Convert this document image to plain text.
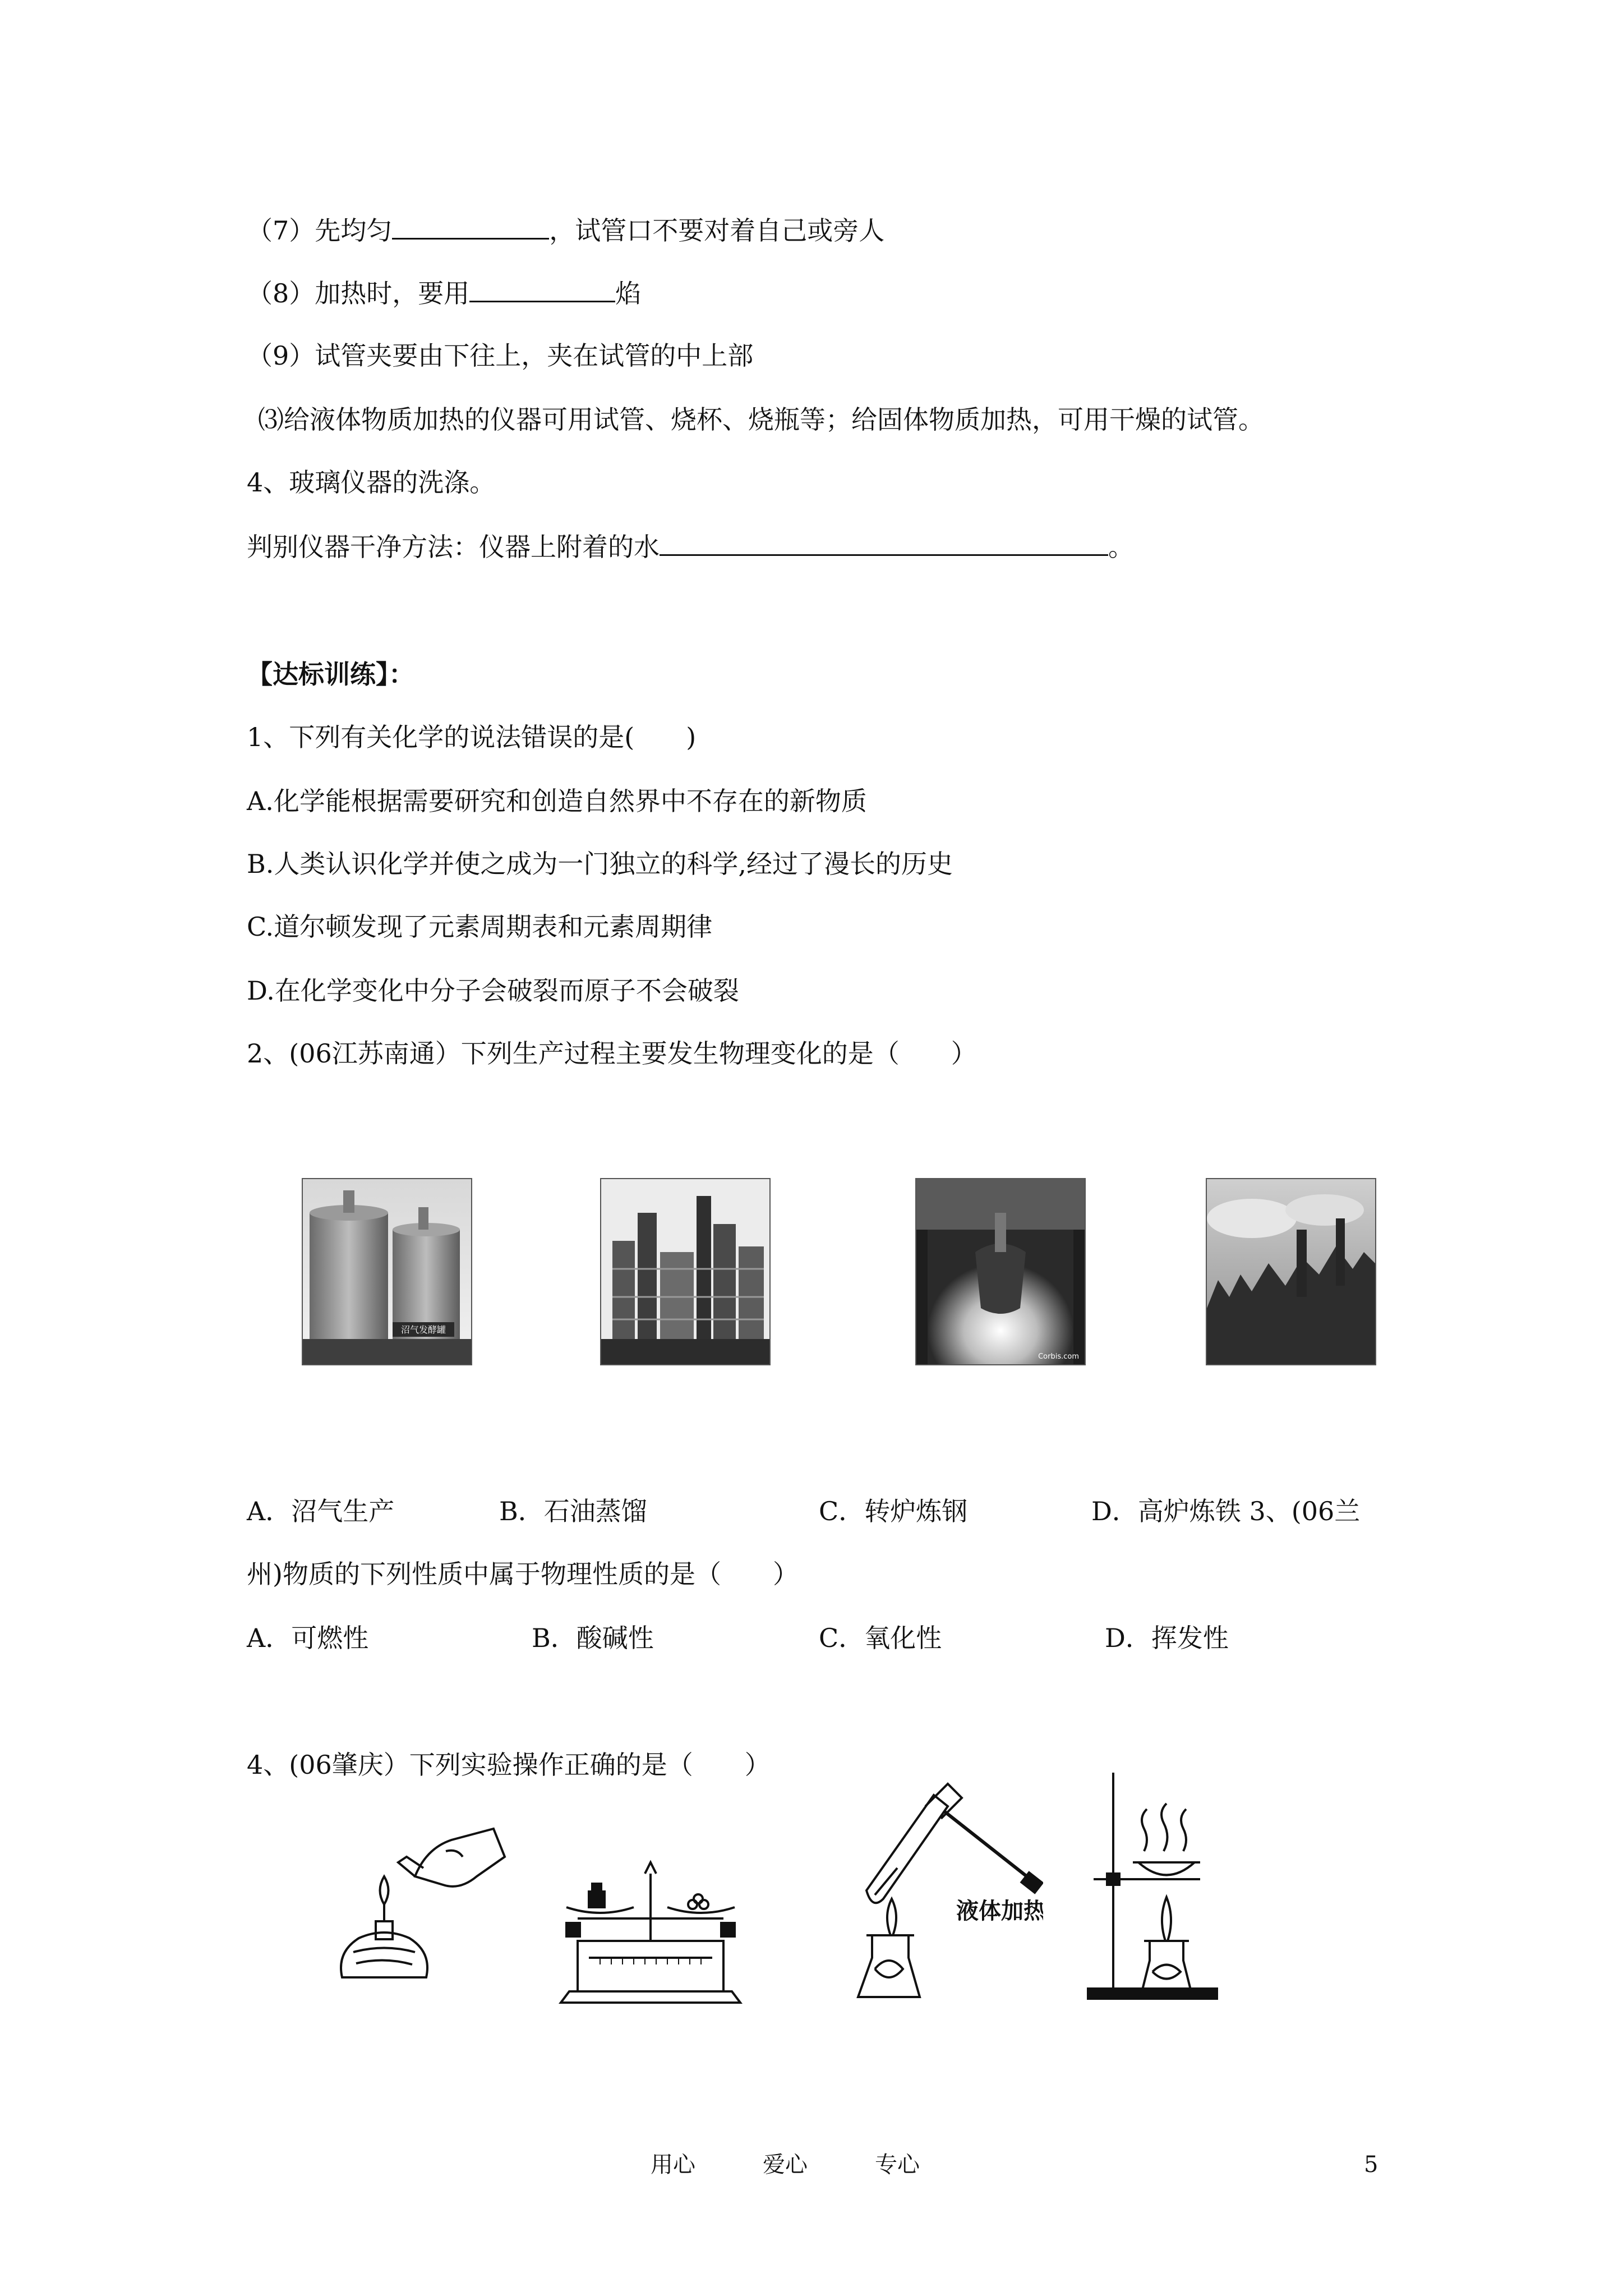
（7）先均匀	，试管口不要对着自己或旁人
（8）加热时，要用	焰
（9）试管夹要由下往上，夹在试管的中上部
⑶给液体物质加热的仪器可用试管、烧杯、烧瓶等；给固体物质加热，可用干燥的试管。
4、玻璃仪器的洗涤。
判别仪器干净方法：仪器上附着的水	。
【达标训练】：
1、下列有关化学的说法错误的是(　　)
A.化学能根据需要研究和创造自然界中不存在的新物质
B.人类认识化学并使之成为一门独立的科学,经过了漫长的历史
C.道尔顿发现了元素周期表和元素周期律
D.在化学变化中分子会破裂而原子不会破裂
2、(06江苏南通）下列生产过程主要发生物理变化的是（　　）
沼气发酵罐
Corbis.com
A．沼气生产	B．石油蒸馏	C．转炉炼钢	D．高炉炼铁 3、(06兰
州)物质的下列性质中属于物理性质的是（　　）
A．可燃性	B．酸碱性	C．氧化性	D．挥发性
4、(06肇庆）下列实验操作正确的是（　　）
液体加热
用心	爱心	专心	5
